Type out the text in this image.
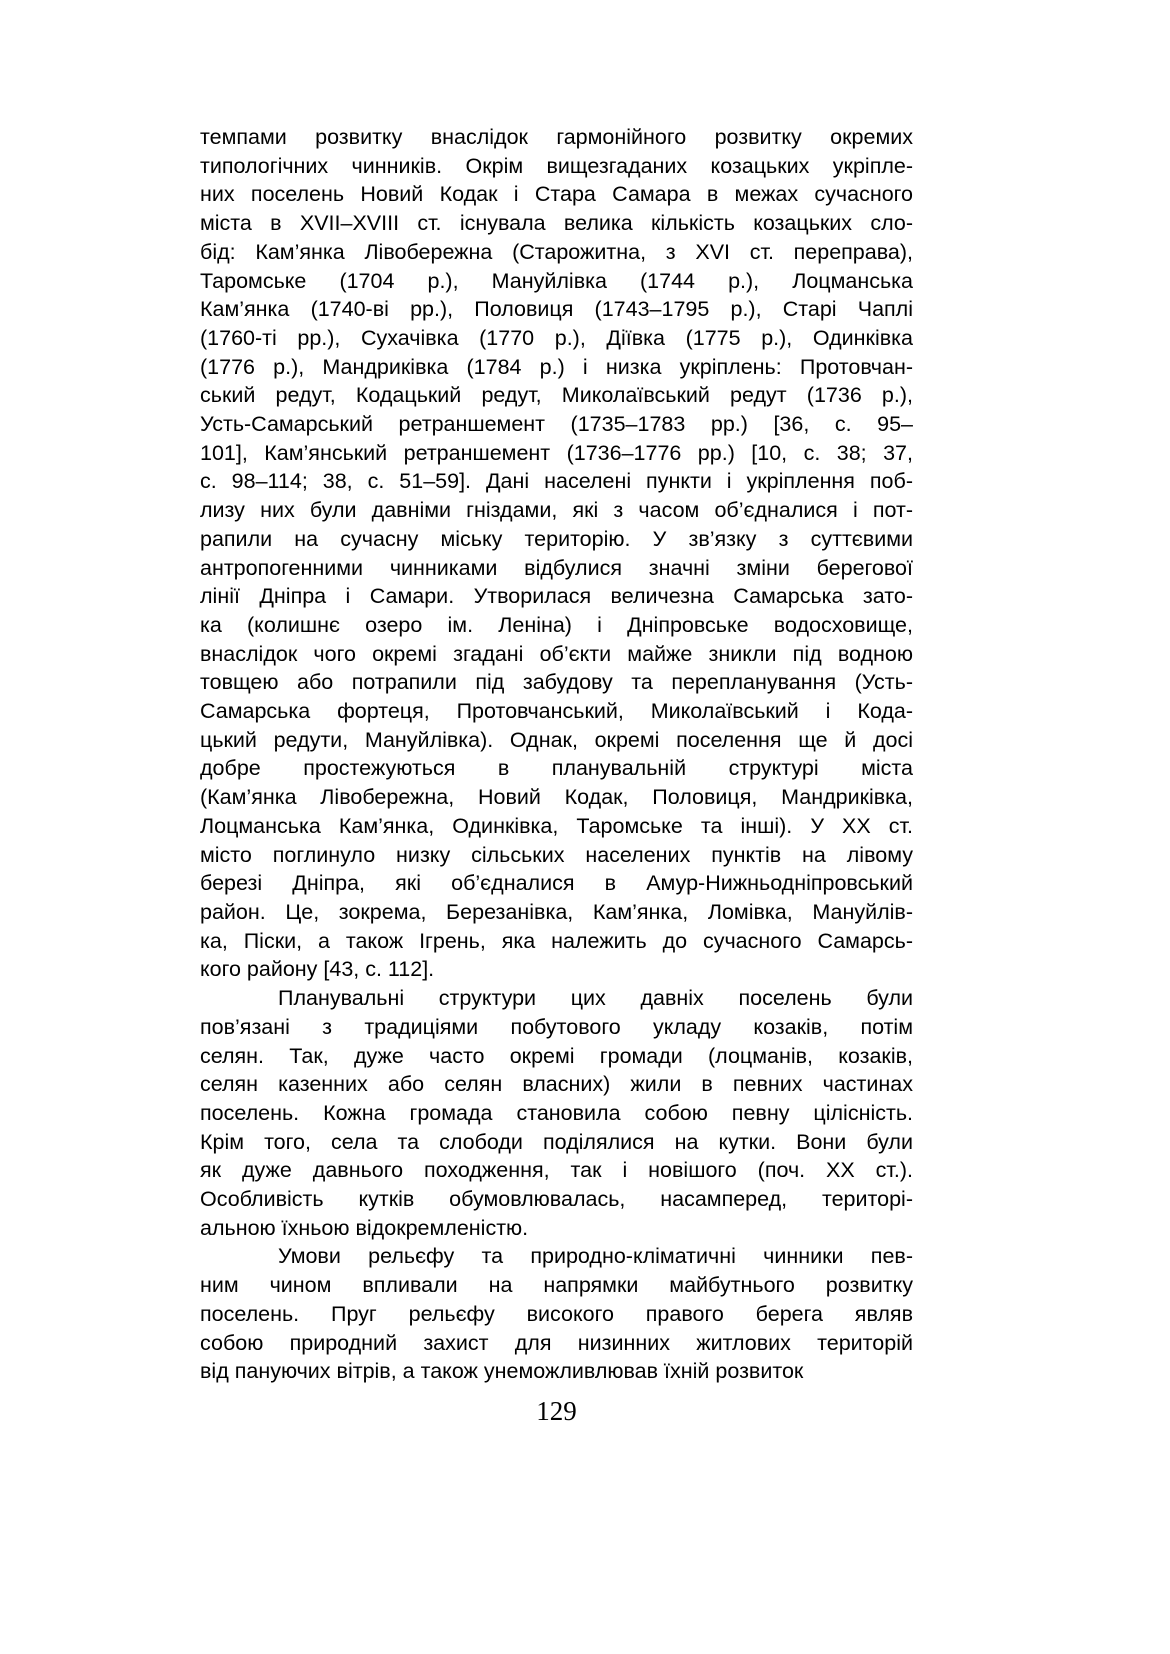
темпами розвитку внаслідок гармонійного розвитку окремих
типологічних чинників. Окрім вищезгаданих козацьких укріпле-
них поселень Новий Кодак і Стара Самара в межах сучасного
міста в XVII–XVIII ст. існувала велика кількість козацьких сло-
бід: Кам’янка Лівобережна (Старожитна, з XVI ст. переправа),
Таромське (1704 р.), Мануйлівка (1744 р.), Лоцманська
Кам’янка (1740-ві рр.), Половиця (1743–1795 р.), Старі Чаплі
(1760-ті рр.), Сухачівка (1770 р.), Діївка (1775 р.), Одинківка
(1776 р.), Мандриківка (1784 р.) і низка укріплень: Протовчан-
ський редут, Кодацький редут, Миколаївський редут (1736 р.),
Усть-Самарський ретраншемент (1735–1783 рр.) [36, с. 95–
101], Кам’янський ретраншемент (1736–1776 рр.) [10, с. 38; 37,
с. 98–114; 38, с. 51–59]. Дані населені пункти і укріплення поб-
лизу них були давніми гніздами, які з часом об’єдналися і пот-
рапили на сучасну міську територію. У зв’язку з суттєвими
антропогенними чинниками відбулися значні зміни берегової
лінії Дніпра і Самари. Утворилася величезна Самарська зато-
ка (колишнє озеро ім. Леніна) і Дніпровське водосховище,
внаслідок чого окремі згадані об’єкти майже зникли під водною
товщею або потрапили під забудову та перепланування (Усть-
Самарська фортеця, Протовчанський, Миколаївський і Кода-
цький редути, Мануйлівка). Однак, окремі поселення ще й досі
добре простежуються в планувальній структурі міста
(Кам’янка Лівобережна, Новий Кодак, Половиця, Мандриківка,
Лоцманська Кам’янка, Одинківка, Таромське та інші). У XX ст.
місто поглинуло низку сільських населених пунктів на лівому
березі Дніпра, які об’єдналися в Амур-Нижньодніпровський
район. Це, зокрема, Березанівка, Кам’янка, Ломівка, Мануйлів-
ка, Піски, а також Ігрень, яка належить до сучасного Самарсь-
кого району [43, с. 112].
Планувальні структури цих давніх поселень були
пов’язані з традиціями побутового укладу козаків, потім
селян. Так, дуже часто окремі громади (лоцманів, козаків,
селян казенних або селян власних) жили в певних частинах
поселень. Кожна громада становила собою певну цілісність.
Крім того, села та слободи поділялися на кутки. Вони були
як дуже давнього походження, так і новішого (поч. XX ст.).
Особливість кутків обумовлювалась, насамперед, територі-
альною їхньою відокремленістю.
Умови рельєфу та природно-кліматичні чинники пев-
ним чином впливали на напрямки майбутнього розвитку
поселень. Пруг рельєфу високого правого берега являв
собою природний захист для низинних житлових територій
від пануючих вітрів, а також унеможливлював їхній розвиток
129
